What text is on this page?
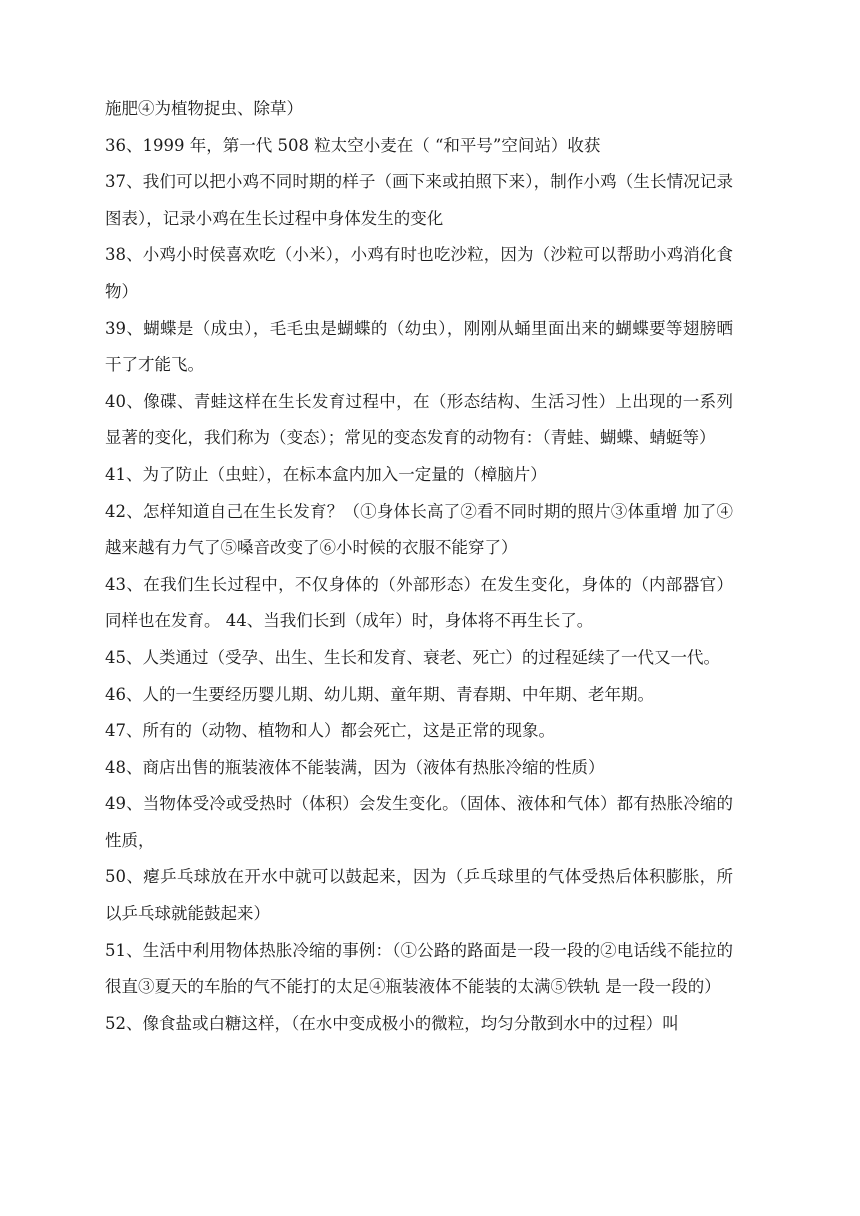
施肥④为植物捉虫、除草）

36、1999 年，第一代 508 粒太空小麦在（ “和平号”空间站）收获

37、我们可以把小鸡不同时期的样子（画下来或拍照下来），制作小鸡（生长情况记录图表），记录小鸡在生长过程中身体发生的变化

38、小鸡小时侯喜欢吃（小米），小鸡有时也吃沙粒，因为（沙粒可以帮助小鸡消化食物）

39、蝴蝶是（成虫），毛毛虫是蝴蝶的（幼虫），刚刚从蛹里面出来的蝴蝶要等翅膀晒干了才能飞。

40、像碟、青蛙这样在生长发育过程中，在（形态结构、生活习性）上出现的一系列显著的变化，我们称为（变态）；常见的变态发育的动物有：（青蛙、蝴蝶、蜻蜓等）

41、为了防止（虫蛀），在标本盒内加入一定量的（樟脑片）

42、怎样知道自己在生长发育？（①身体长高了②看不同时期的照片③体重增 加了④越来越有力气了⑤嗓音改变了⑥小时候的衣服不能穿了）

43、在我们生长过程中，不仅身体的（外部形态）在发生变化，身体的（内部器官）同样也在发育。 44、当我们长到（成年）时，身体将不再生长了。

45、人类通过（受孕、出生、生长和发育、衰老、死亡）的过程延续了一代又一代。

46、人的一生要经历婴儿期、幼儿期、童年期、青春期、中年期、老年期。

47、所有的（动物、植物和人）都会死亡，这是正常的现象。

48、商店出售的瓶装液体不能装满，因为（液体有热胀冷缩的性质）

49、当物体受冷或受热时（体积）会发生变化。（固体、液体和气体）都有热胀冷缩的性质，

50、瘪乒乓球放在开水中就可以鼓起来，因为（乒乓球里的气体受热后体积膨胀，所以乒乓球就能鼓起来）

51、生活中利用物体热胀冷缩的事例：（①公路的路面是一段一段的②电话线不能拉的很直③夏天的车胎的气不能打的太足④瓶装液体不能装的太满⑤铁轨 是一段一段的）

52、像食盐或白糖这样，（在水中变成极小的微粒，均匀分散到水中的过程）叫
